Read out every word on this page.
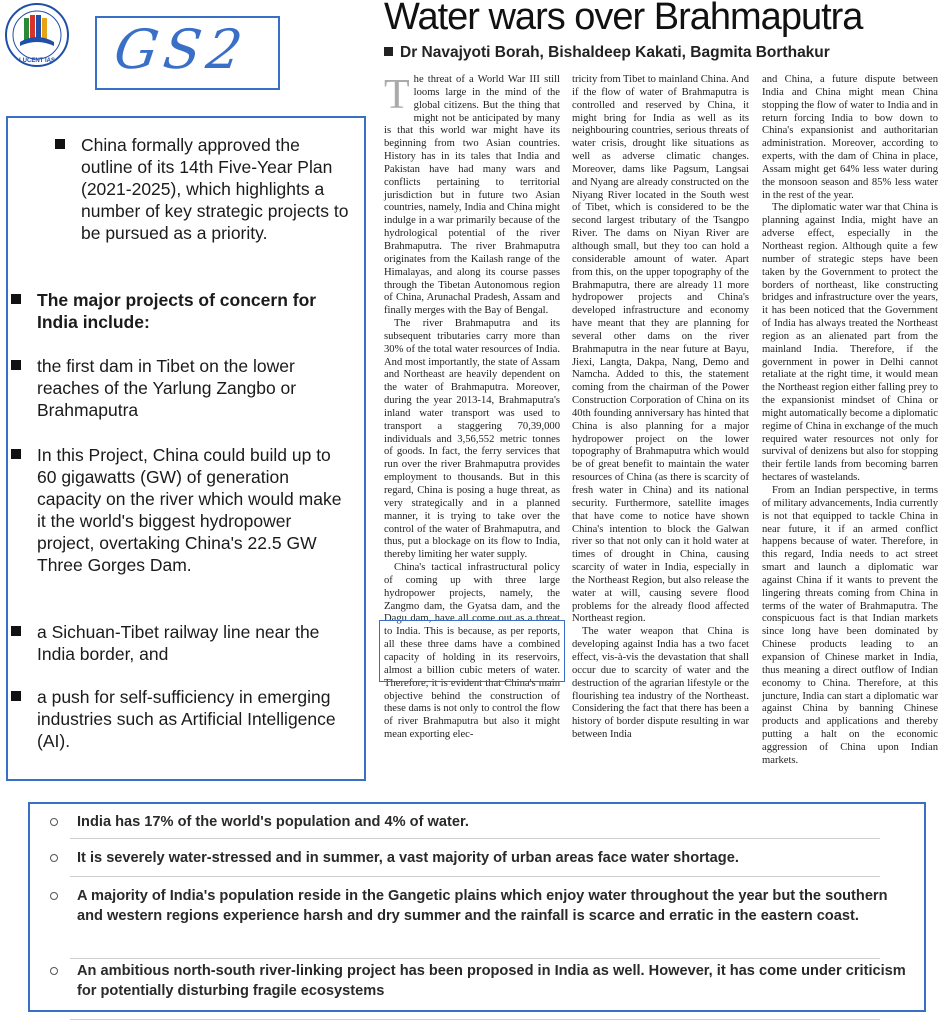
LUCENT IAS GS2
Water wars over Brahmaputra
Dr Navajyoti Borah, Bishaldeep Kakati, Bagmita Borthakur
T he threat of a World War III still looms large in the mind of the global citizens. But the thing that might not be anticipated by many is that this world war might have its beginning from two Asian countries. History has in its tales that India and Pakistan have had many wars and conflicts pertaining to territorial jurisdiction but in future two Asian countries, namely, India and China might indulge in a war primarily because of the hydrological potential of the river Brahmaputra. The river Brahmaputra originates from the Kailash range of the Himalayas, and along its course passes through the Tibetan Autonomous region of China, Arunachal Pradesh, Assam and finally merges with the Bay of Bengal.

The river Brahmaputra and its subsequent tributaries carry more than 30% of the total water resources of India. And most importantly, the state of Assam and Northeast are heavily dependent on the water of Brahmaputra. Moreover, during the year 2013-14, Brahmaputra's inland water transport was used to transport a staggering 70,39,000 individuals and 3,56,552 metric tonnes of goods. In fact, the ferry services that run over the river Brahmaputra provides employment to thousands. But in this regard, China is posing a huge threat, as very strategically and in a planned manner, it is trying to take over the control of the water of Brahmaputra, and thus, put a blockage on its flow to India, thereby limiting her water supply.

China's tactical infrastructural policy of coming up with three large hydropower projects, namely, the Zangmo dam, the Gyatsa dam, and the Dagu dam, have all come out as a threat to India. This is because, as per reports, all these three dams have a combined capacity of holding in its reservoirs, almost a billion cubic meters of water. Therefore, it is evident that China's main objective behind the construction of these dams is not only to control the flow of river Brahmaputra but also it might mean exporting elec-

tricity from Tibet to mainland China. And if the flow of water of Brahmaputra is controlled and reserved by China, it might bring for India as well as its neighbouring countries, serious threats of water crisis, drought like situations as well as adverse climatic changes. Moreover, dams like Pagsum, Langsai and Nyang are already constructed on the Niyang River located in the South west of Tibet, which is considered to be the second largest tributary of the Tsangpo River. The dams on Niyan River are although small, but they too can hold a considerable amount of water. Apart from this, on the upper topography of the Brahmaputra, there are already 11 more hydropower projects and China's developed infrastructure and economy have meant that they are planning for several other dams on the river Brahmaputra in the near future at Bayu, Jiexi, Langta, Dakpa, Nang, Demo and Namcha. Added to this, the statement coming from the chairman of the Power Construction Corporation of China on its 40th founding anniversary has hinted that China is also planning for a major hydropower project on the lower topography of Brahmaputra which would be of great benefit to maintain the water resources of China (as there is scarcity of fresh water in China) and its national security. Furthermore, satellite images that have come to notice have shown China's intention to block the Galwan river so that not only can it hold water at times of drought in China, causing scarcity of water in India, especially in the Northeast Region, but also release the water at will, causing severe flood problems for the already flood affected Northeast region.

The water weapon that China is developing against India has a two facet effect, vis-à-vis the devastation that shall occur due to scarcity of water and the destruction of the agrarian lifestyle or the flourishing tea industry of the Northeast. Considering the fact that there has been a history of border dispute resulting in war between India

and China, a future dispute between India and China might mean China stopping the flow of water to India and in return forcing India to bow down to China's expansionist and authoritarian administration. Moreover, according to experts, with the dam of China in place, Assam might get 64% less water during the monsoon season and 85% less water in the rest of the year.

The diplomatic water war that China is planning against India, might have an adverse effect, especially in the Northeast region. Although quite a few number of strategic steps have been taken by the Government to protect the borders of northeast, like constructing bridges and infrastructure over the years, it has been noticed that the Government of India has always treated the Northeast region as an alienated part from the mainland India. Therefore, if the government in power in Delhi cannot retaliate at the right time, it would mean the Northeast region either falling prey to the expansionist mindset of China or might automatically become a diplomatic regime of China in exchange of the much required water resources not only for survival of denizens but also for stopping their fertile lands from becoming barren hectares of wastelands.

From an Indian perspective, in terms of military advancements, India currently is not that equipped to tackle China in near future, it if an armed conflict happens because of water. Therefore, in this regard, India needs to act street smart and launch a diplomatic war against China if it wants to prevent the lingering threats coming from China in terms of the water of Brahmaputra. The conspicuous fact is that Indian markets since long have been dominated by Chinese products leading to an expansion of Chinese market in India, thus meaning a direct outflow of Indian economy to China. Therefore, at this juncture, India can start a diplomatic war against China by banning Chinese products and applications and thereby putting a halt on the economic aggression of China upon Indian markets.

China formally approved the outline of its 14th Five-Year Plan (2021-2025), which highlights a number of key strategic projects to be pursued as a priority.
The major projects of concern for India include:
the first dam in Tibet on the lower reaches of the Yarlung Zangbo or Brahmaputra
In this Project, China could build up to 60 gigawatts (GW) of generation capacity on the river which would make it the world's biggest hydropower project, overtaking China's 22.5 GW Three Gorges Dam.
a Sichuan-Tibet railway line near the India border, and
a push for self-sufficiency in emerging industries such as Artificial Intelligence (AI).
India has 17% of the world's population and 4% of water.
It is severely water-stressed and in summer, a vast majority of urban areas face water shortage.
A majority of India's population reside in the Gangetic plains which enjoy water throughout the year but the southern and western regions experience harsh and dry summer and the rainfall is scarce and erratic in the eastern coast.
An ambitious north-south river-linking project has been proposed in India as well. However, it has come under criticism for potentially disturbing fragile ecosystems
